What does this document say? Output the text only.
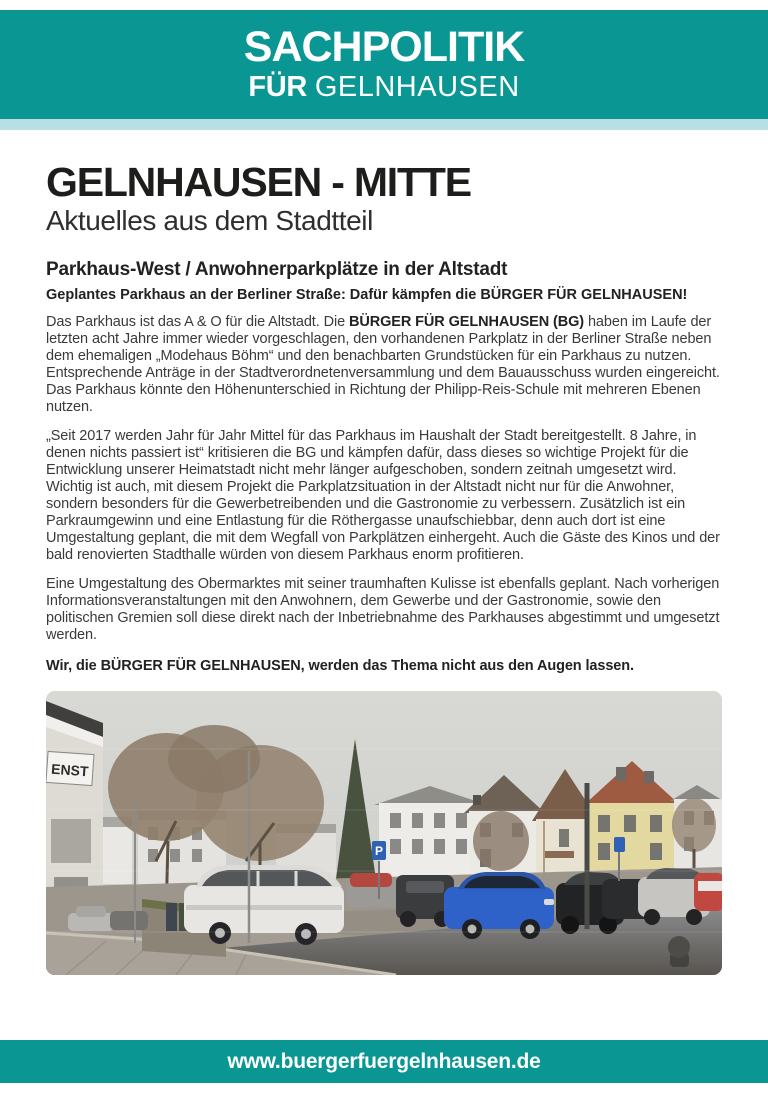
SACHPOLITIK
FÜR GELNHAUSEN
GELNHAUSEN - MITTE
Aktuelles aus dem Stadtteil
Parkhaus-West / Anwohnerparkplätze in der Altstadt
Geplantes Parkhaus an der Berliner Straße: Dafür kämpfen die BÜRGER FÜR GELNHAUSEN!
Das Parkhaus ist das A & O für die Altstadt. Die BÜRGER FÜR GELNHAUSEN (BG) haben im Laufe der letzten acht Jahre immer wieder vorgeschlagen, den vorhandenen Parkplatz in der Berliner Straße neben dem ehemaligen „Modehaus Böhm“ und den benachbarten Grundstücken für ein Parkhaus zu nutzen. Entsprechende Anträge in der Stadtverordnetenversammlung und dem Bauausschuss wurden eingereicht.
Das Parkhaus könnte den Höhenunterschied in Richtung der Philipp-Reis-Schule mit mehreren Ebenen nutzen.
„Seit 2017 werden Jahr für Jahr Mittel für das Parkhaus im Haushalt der Stadt bereitgestellt. 8 Jahre, in denen nichts passiert ist“ kritisieren die BG und kämpfen dafür, dass dieses so wichtige Projekt für die Entwicklung unserer Heimatstadt nicht mehr länger aufgeschoben, sondern zeitnah umgesetzt wird. Wichtig ist auch, mit diesem Projekt die Parkplatzsituation in der Altstadt nicht nur für die Anwohner, sondern besonders für die Gewerbetreibenden und die Gastronomie zu verbessern. Zusätzlich ist ein Parkraumgewinn und eine Entlastung für die Röthergasse unaufschiebbar, denn auch dort ist eine Umgestaltung geplant, die mit dem Wegfall von Parkplätzen einhergeht. Auch die Gäste des Kinos und der bald renovierten Stadthalle würden von diesem Parkhaus enorm profitieren.
Eine Umgestaltung des Obermarktes mit seiner traumhaften Kulisse ist ebenfalls geplant. Nach vorherigen Informationsveranstaltungen mit den Anwohnern, dem Gewerbe und der Gastronomie, sowie den politischen Gremien soll diese direkt nach der Inbetriebnahme des Parkhauses abgestimmt und umgesetzt werden.
Wir, die BÜRGER FÜR GELNHAUSEN, werden das Thema nicht aus den Augen lassen.
ENST
P
www.buergerfuergelnhausen.de
